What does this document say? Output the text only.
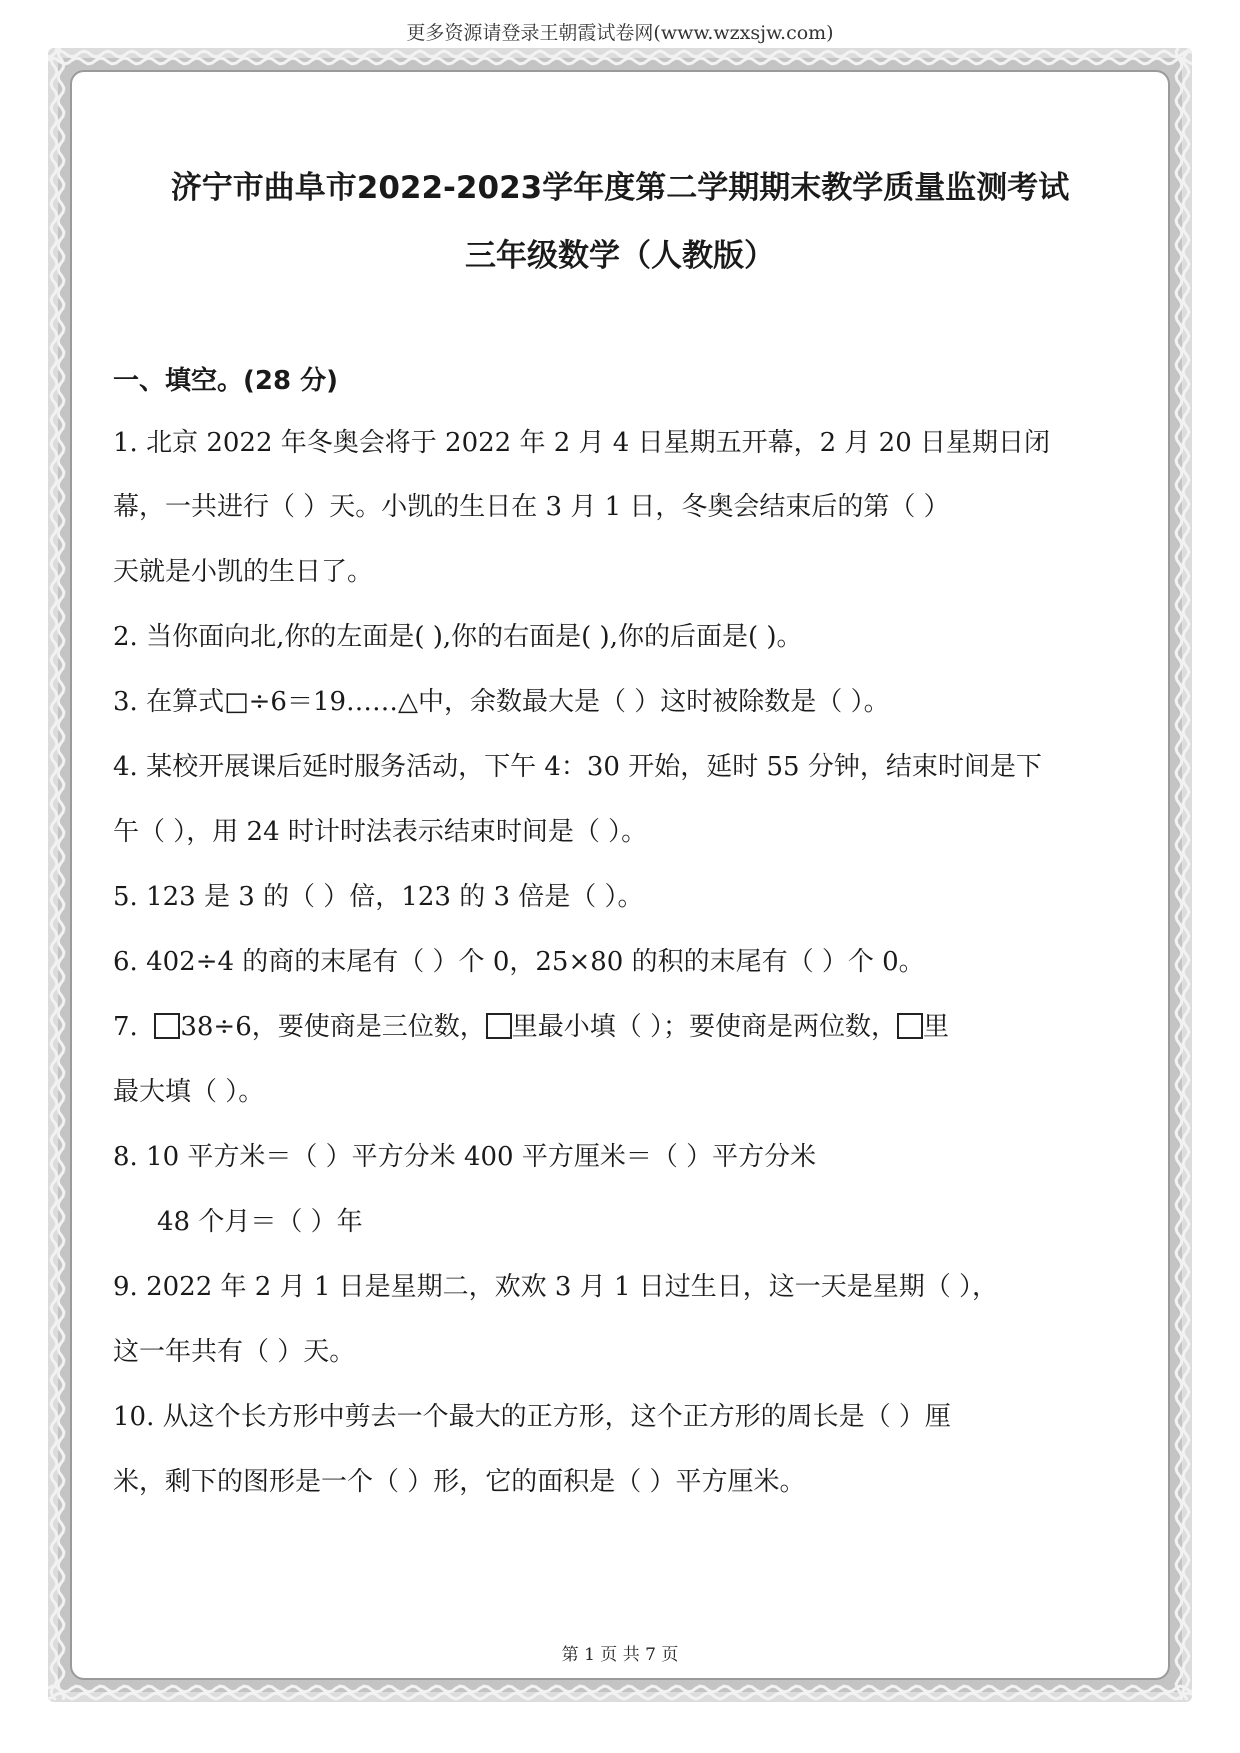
更多资源请登录王朝霞试卷网(www.wzxsjw.com)
济宁市曲阜市2022-2023学年度第二学期期末教学质量监测考试
三年级数学（人教版）
一、填空。(28 分)
1. 北京 2022 年冬奥会将于 2022 年 2 月 4 日星期五开幕，2 月 20 日星期日闭
幕，一共进行（ ）天。小凯的生日在 3 月 1 日，冬奥会结束后的第（ ）
天就是小凯的生日了。
2. 当你面向北,你的左面是( ),你的右面是( ),你的后面是( )。
3. 在算式□÷6＝19……△中，余数最大是（ ）这时被除数是（ ）。
4. 某校开展课后延时服务活动，下午 4：30 开始，延时 55 分钟，结束时间是下
午（ ），用 24 时计时法表示结束时间是（ ）。
5. 123 是 3 的（ ）倍，123 的 3 倍是（ ）。
6. 402÷4 的商的末尾有（ ）个 0，25×80 的积的末尾有（ ）个 0。
7. 38÷6，要使商是三位数， 里最小填（ ）；要使商是两位数， 里
最大填（ ）。
8. 10 平方米＝（ ）平方分米 400 平方厘米＝（ ）平方分米
48 个月＝（ ）年
9. 2022 年 2 月 1 日是星期二，欢欢 3 月 1 日过生日，这一天是星期（ ），
这一年共有（ ）天。
10. 从这个长方形中剪去一个最大的正方形，这个正方形的周长是（ ）厘
米，剩下的图形是一个（ ）形，它的面积是（ ）平方厘米。
第 1 页 共 7 页
